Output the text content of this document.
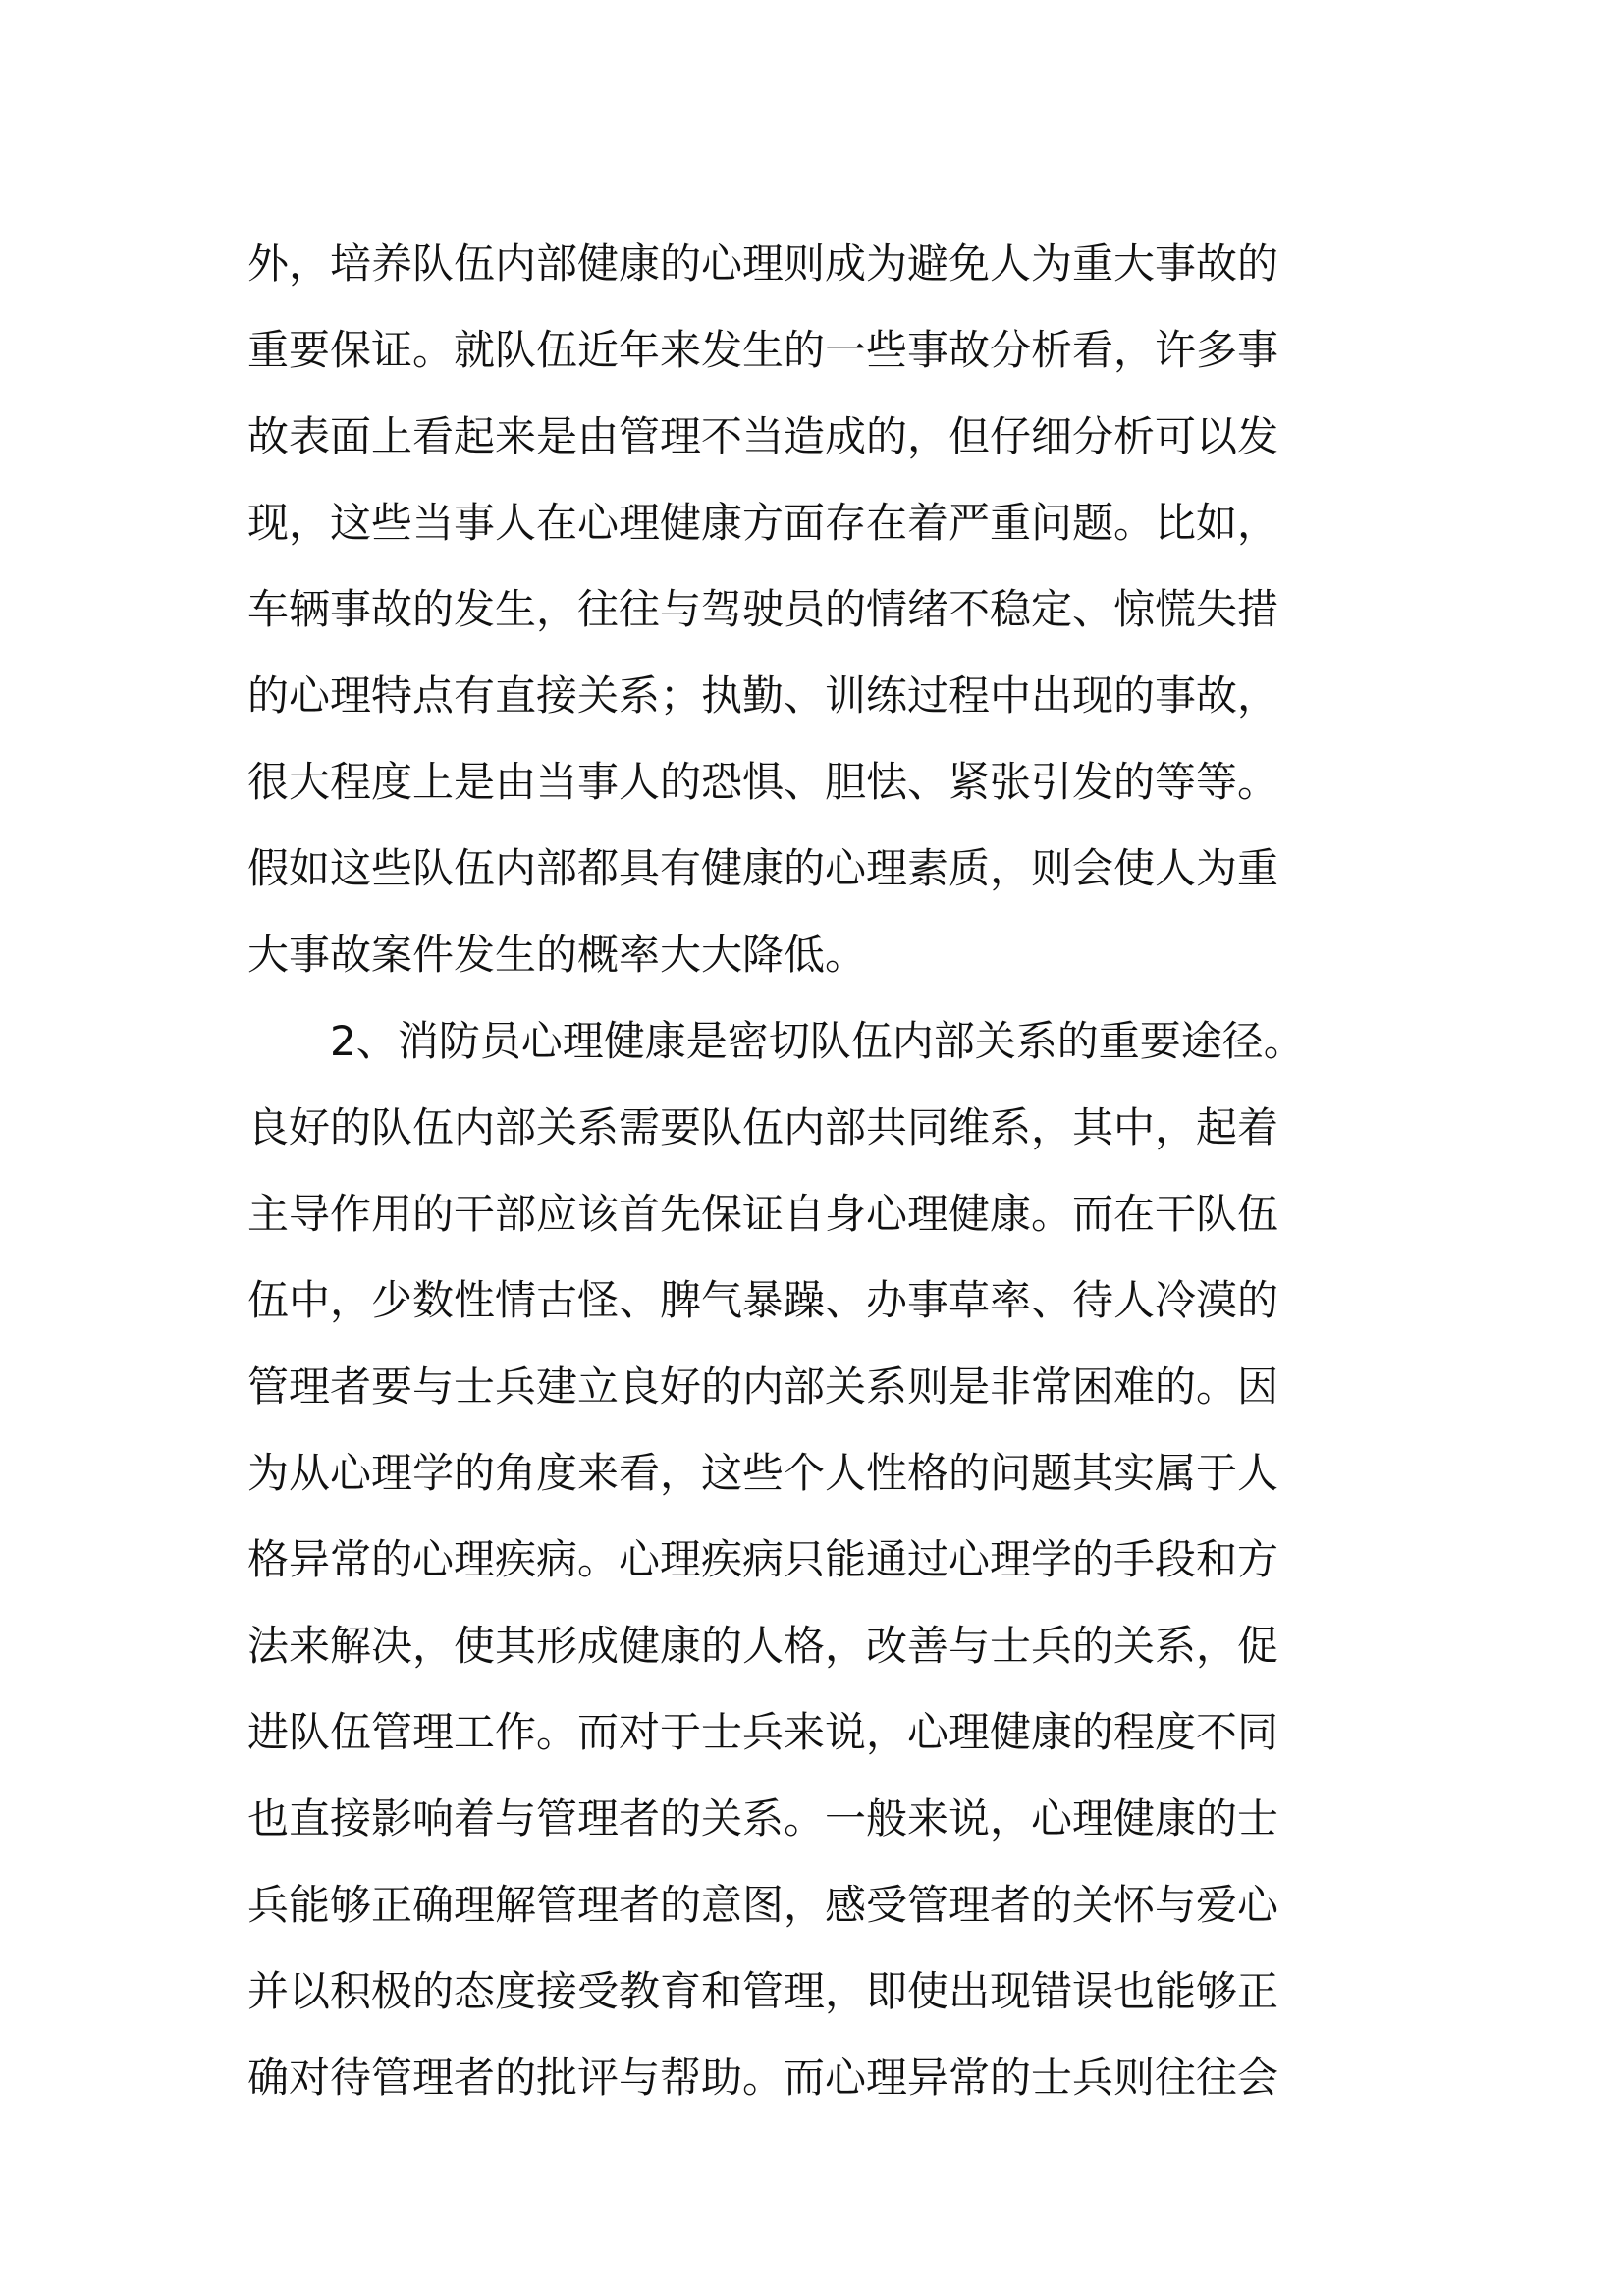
外，培养队伍内部健康的心理则成为避免人为重大事故的
重要保证。就队伍近年来发生的一些事故分析看，许多事
故表面上看起来是由管理不当造成的，但仔细分析可以发
现，这些当事人在心理健康方面存在着严重问题。比如，
车辆事故的发生，往往与驾驶员的情绪不稳定、惊慌失措
的心理特点有直接关系；执勤、训练过程中出现的事故，
很大程度上是由当事人的恐惧、胆怯、紧张引发的等等。
假如这些队伍内部都具有健康的心理素质，则会使人为重
大事故案件发生的概率大大降低。
2、消防员心理健康是密切队伍内部关系的重要途径。
良好的队伍内部关系需要队伍内部共同维系，其中，起着
主导作用的干部应该首先保证自身心理健康。而在干队伍
伍中，少数性情古怪、脾气暴躁、办事草率、待人冷漠的
管理者要与士兵建立良好的内部关系则是非常困难的。因
为从心理学的角度来看，这些个人性格的问题其实属于人
格异常的心理疾病。心理疾病只能通过心理学的手段和方
法来解决，使其形成健康的人格，改善与士兵的关系，促
进队伍管理工作。而对于士兵来说，心理健康的程度不同
也直接影响着与管理者的关系。一般来说，心理健康的士
兵能够正确理解管理者的意图，感受管理者的关怀与爱心
并以积极的态度接受教育和管理，即使出现错误也能够正
确对待管理者的批评与帮助。而心理异常的士兵则往往会
